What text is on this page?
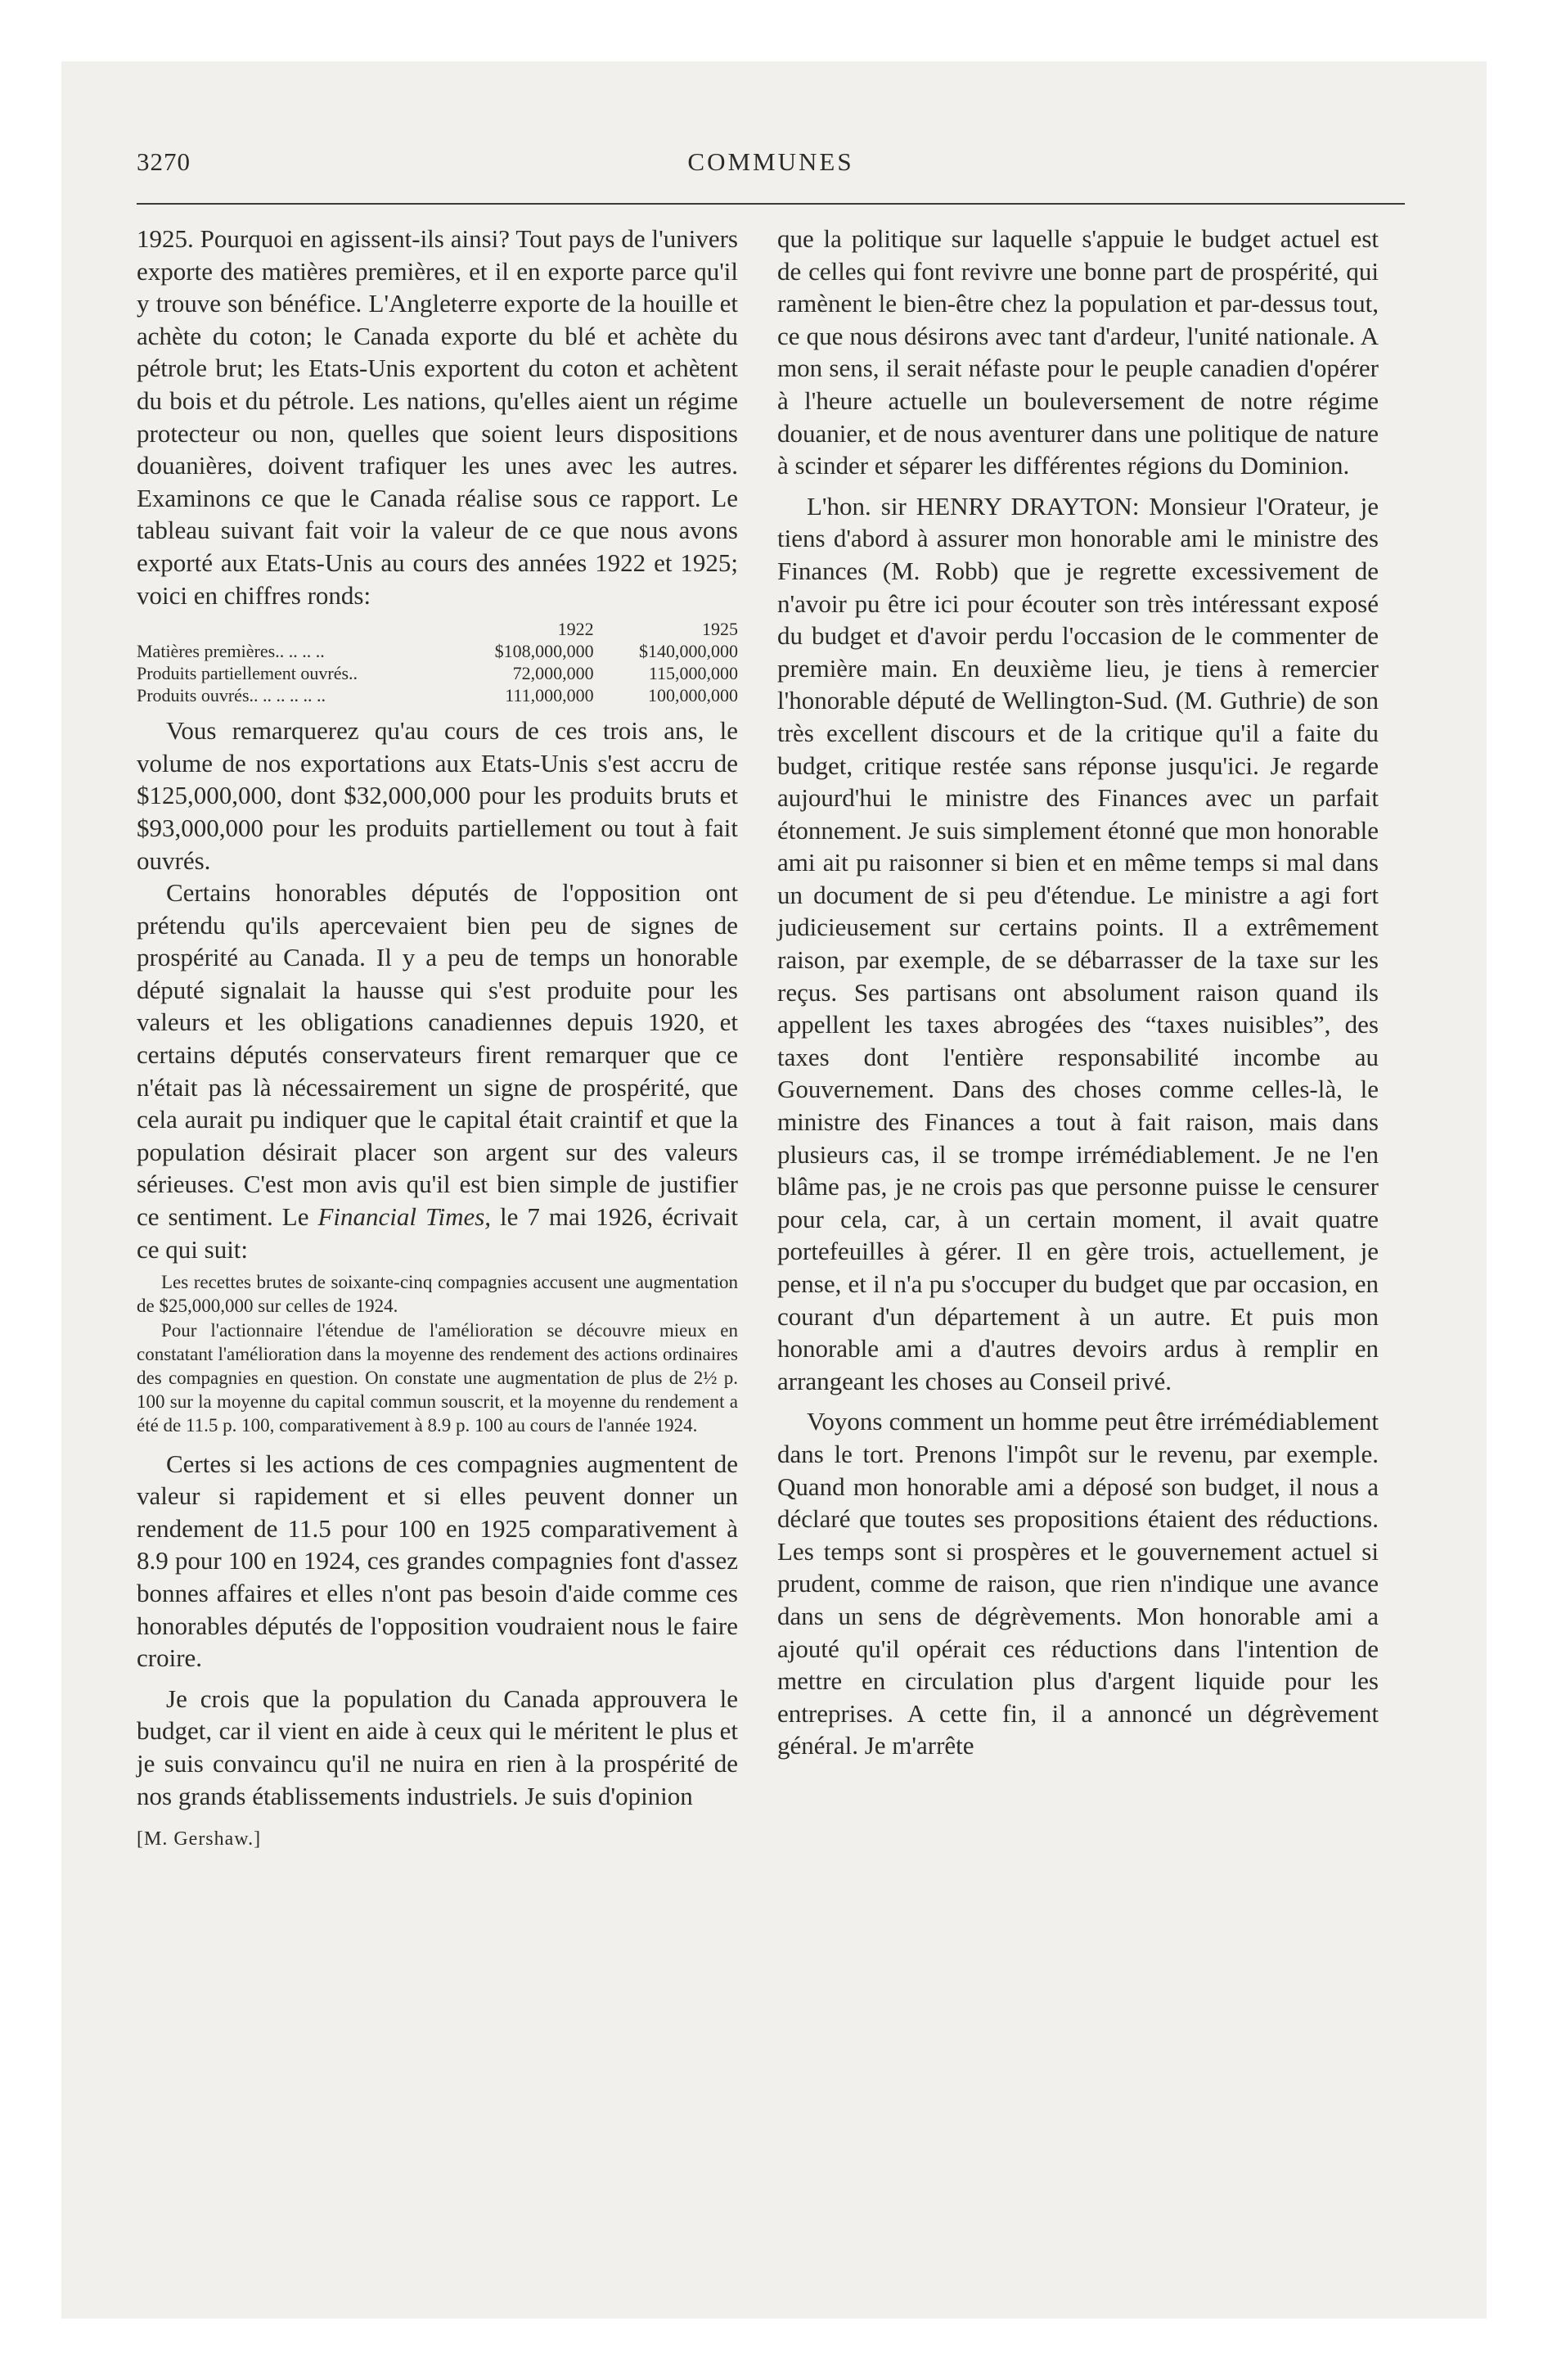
3270	COMMUNES

1925. Pourquoi en agissent-ils ainsi? Tout pays de l'univers exporte des matières premières, et il en exporte parce qu'il y trouve son bénéfice. L'Angleterre exporte de la houille et achète du coton; le Canada exporte du blé et achète du pétrole brut; les Etats-Unis exportent du coton et achètent du bois et du pétrole. Les nations, qu'elles aient un régime protecteur ou non, quelles que soient leurs dispositions douanières, doivent trafiquer les unes avec les autres. Examinons ce que le Canada réalise sous ce rapport. Le tableau suivant fait voir la valeur de ce que nous avons exporté aux Etats-Unis au cours des années 1922 et 1925; voici en chiffres ronds:

	1922	1925
Matières premières.. .. .. ..	$108,000,000	$140,000,000
Produits partiellement ouvrés..	72,000,000	115,000,000
Produits ouvrés.. .. .. .. .. ..	111,000,000	100,000,000

Vous remarquerez qu'au cours de ces trois ans, le volume de nos exportations aux Etats-Unis s'est accru de $125,000,000, dont $32,000,000 pour les produits bruts et $93,000,000 pour les produits partiellement ou tout à fait ouvrés.

Certains honorables députés de l'opposition ont prétendu qu'ils apercevaient bien peu de signes de prospérité au Canada. Il y a peu de temps un honorable député signalait la hausse qui s'est produite pour les valeurs et les obligations canadiennes depuis 1920, et certains députés conservateurs firent remarquer que ce n'était pas là nécessairement un signe de prospérité, que cela aurait pu indiquer que le capital était craintif et que la population désirait placer son argent sur des valeurs sérieuses. C'est mon avis qu'il est bien simple de justifier ce sentiment. Le Financial Times, le 7 mai 1926, écrivait ce qui suit:

Les recettes brutes de soixante-cinq compagnies accusent une augmentation de $25,000,000 sur celles de 1924.

Pour l'actionnaire l'étendue de l'amélioration se découvre mieux en constatant l'amélioration dans la moyenne des rendement des actions ordinaires des compagnies en question. On constate une augmentation de plus de 2½ p. 100 sur la moyenne du capital commun souscrit, et la moyenne du rendement a été de 11.5 p. 100, comparativement à 8.9 p. 100 au cours de l'année 1924.

Certes si les actions de ces compagnies augmentent de valeur si rapidement et si elles peuvent donner un rendement de 11.5 pour 100 en 1925 comparativement à 8.9 pour 100 en 1924, ces grandes compagnies font d'assez bonnes affaires et elles n'ont pas besoin d'aide comme ces honorables députés de l'opposition voudraient nous le faire croire.

Je crois que la population du Canada approuvera le budget, car il vient en aide à ceux qui le méritent le plus et je suis convaincu qu'il ne nuira en rien à la prospérité de nos grands établissements industriels. Je suis d'opinion

[M. Gershaw.]

que la politique sur laquelle s'appuie le budget actuel est de celles qui font revivre une bonne part de prospérité, qui ramènent le bien-être chez la population et par-dessus tout, ce que nous désirons avec tant d'ardeur, l'unité nationale. A mon sens, il serait néfaste pour le peuple canadien d'opérer à l'heure actuelle un bouleversement de notre régime douanier, et de nous aventurer dans une politique de nature à scinder et séparer les différentes régions du Dominion.

L'hon. sir HENRY DRAYTON: Monsieur l'Orateur, je tiens d'abord à assurer mon honorable ami le ministre des Finances (M. Robb) que je regrette excessivement de n'avoir pu être ici pour écouter son très intéressant exposé du budget et d'avoir perdu l'occasion de le commenter de première main. En deuxième lieu, je tiens à remercier l'honorable député de Wellington-Sud. (M. Guthrie) de son très excellent discours et de la critique qu'il a faite du budget, critique restée sans réponse jusqu'ici. Je regarde aujourd'hui le ministre des Finances avec un parfait étonnement. Je suis simplement étonné que mon honorable ami ait pu raisonner si bien et en même temps si mal dans un document de si peu d'étendue. Le ministre a agi fort judicieusement sur certains points. Il a extrêmement raison, par exemple, de se débarrasser de la taxe sur les reçus. Ses partisans ont absolument raison quand ils appellent les taxes abrogées des “taxes nuisibles”, des taxes dont l'entière responsabilité incombe au Gouvernement. Dans des choses comme celles-là, le ministre des Finances a tout à fait raison, mais dans plusieurs cas, il se trompe irrémédiablement. Je ne l'en blâme pas, je ne crois pas que personne puisse le censurer pour cela, car, à un certain moment, il avait quatre portefeuilles à gérer. Il en gère trois, actuellement, je pense, et il n'a pu s'occuper du budget que par occasion, en courant d'un département à un autre. Et puis mon honorable ami a d'autres devoirs ardus à remplir en arrangeant les choses au Conseil privé.

Voyons comment un homme peut être irrémédiablement dans le tort. Prenons l'impôt sur le revenu, par exemple. Quand mon honorable ami a déposé son budget, il nous a déclaré que toutes ses propositions étaient des réductions. Les temps sont si prospères et le gouvernement actuel si prudent, comme de raison, que rien n'indique une avance dans un sens de dégrèvements. Mon honorable ami a ajouté qu'il opérait ces réductions dans l'intention de mettre en circulation plus d'argent liquide pour les entreprises. A cette fin, il a annoncé un dégrèvement général. Je m'arrête
